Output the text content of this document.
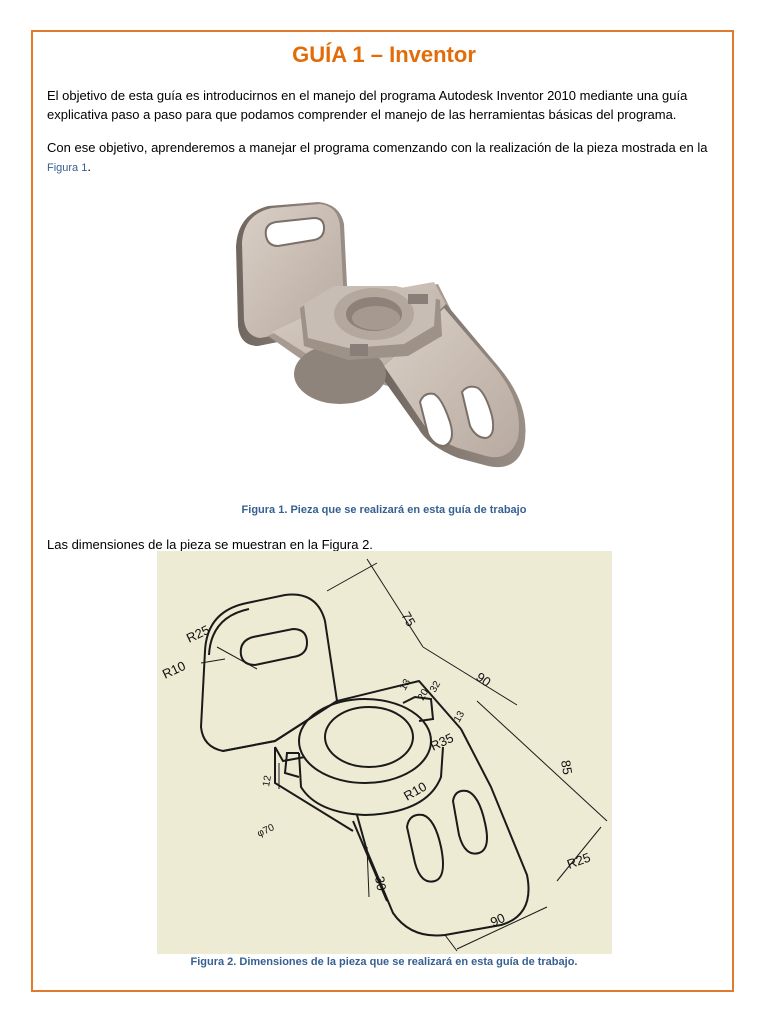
GUÍA 1 – Inventor

El objetivo de esta guía es introducirnos en el manejo del programa Autodesk Inventor 2010 mediante una guía explicativa paso a paso para que podamos comprender el manejo de las herramientas básicas del programa.

Con ese objetivo, aprenderemos a manejar el programa comenzando con la realización de la pieza mostrada en la
Figura 1.

Figura 1. Pieza que se realizará en esta guía de trabajo

Las dimensiones de la pieza se muestran en la Figura 2.

75
R25
R10	90
32
20
13
13
R35
85
12
φ70
R10
R25
30
90
Figura 2. Dimensiones de la pieza que se realizará en esta guía de trabajo.
